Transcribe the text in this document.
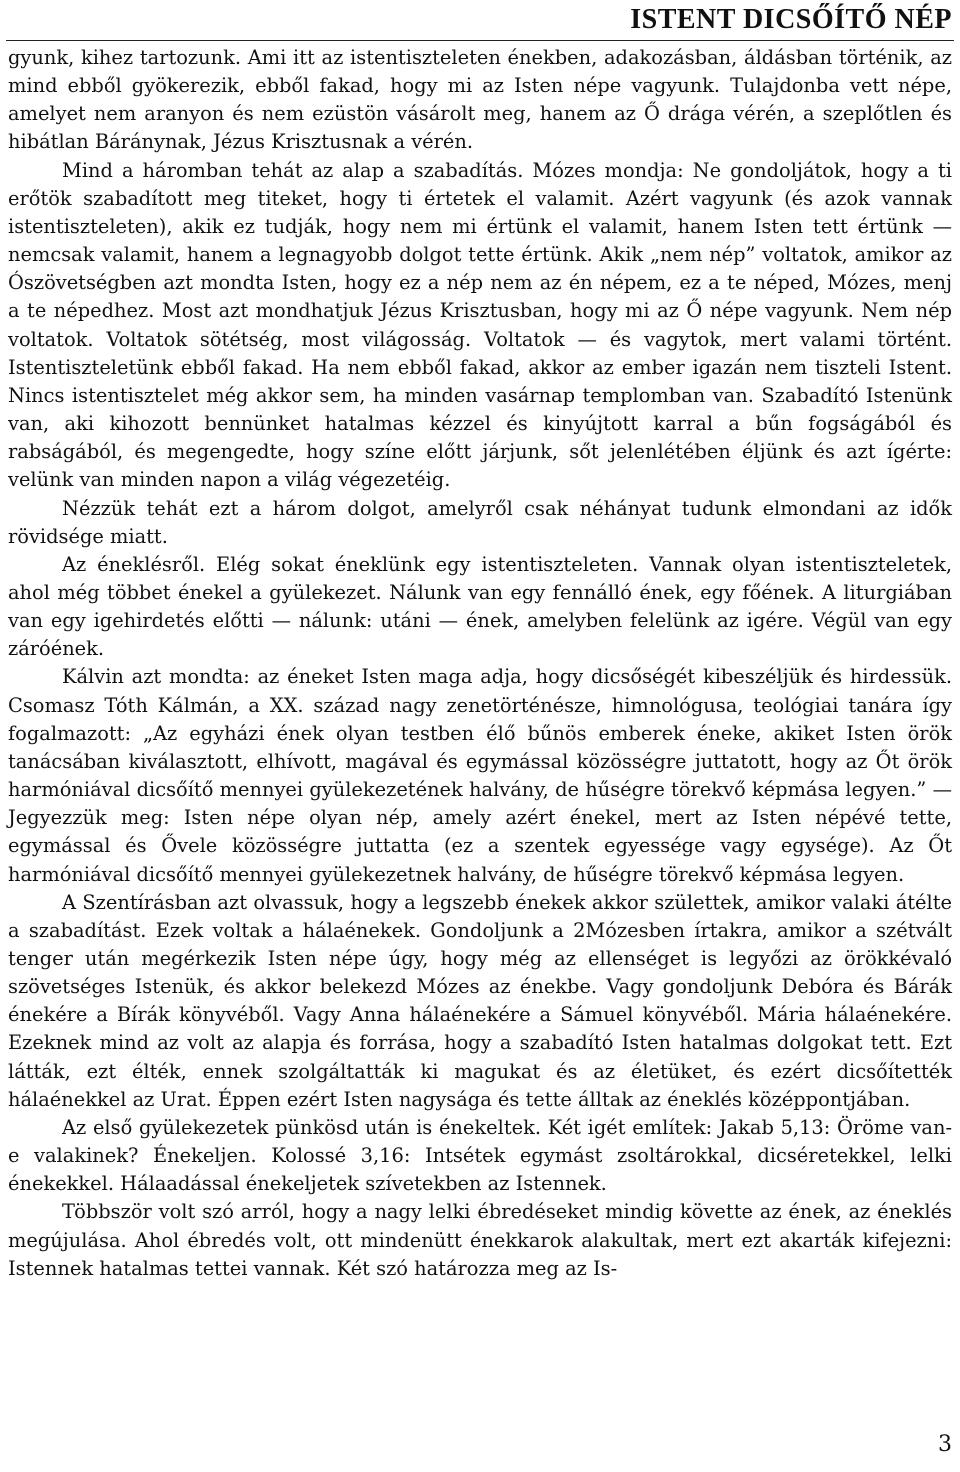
ISTENT DICSŐÍTŐ NÉP

gyunk, kihez tartozunk. Ami itt az istentiszteleten énekben, adakozásban, áldásban történik, az mind ebből gyökerezik, ebből fakad, hogy mi az Isten népe vagyunk. Tulajdonba vett népe, amelyet nem aranyon és nem ezüstön vásárolt meg, hanem az Ő drága vérén, a szeplőtlen és hibátlan Báránynak, Jézus Krisztusnak a vérén.

Mind a háromban tehát az alap a szabadítás. Mózes mondja: Ne gondoljátok, hogy a ti erőtök szabadított meg titeket, hogy ti értetek el valamit. Azért vagyunk (és azok vannak istentiszteleten), akik ez tudják, hogy nem mi értünk el valamit, hanem Isten tett értünk — nemcsak valamit, hanem a legnagyobb dolgot tette értünk. Akik „nem nép” voltatok, amikor az Ószövetségben azt mondta Isten, hogy ez a nép nem az én népem, ez a te néped, Mózes, menj a te népedhez. Most azt mondhatjuk Jézus Krisztusban, hogy mi az Ő népe vagyunk. Nem nép voltatok. Voltatok sötétség, most világosság. Voltatok — és vagytok, mert valami történt. Istentiszteletünk ebből fakad. Ha nem ebből fakad, akkor az ember igazán nem tiszteli Istent. Nincs istentisztelet még akkor sem, ha minden vasárnap templomban van. Szabadító Istenünk van, aki kihozott bennünket hatalmas kézzel és kinyújtott karral a bűn fogságából és rabságából, és megengedte, hogy színe előtt járjunk, sőt jelenlétében éljünk és azt ígérte: velünk van minden napon a világ végezetéig.

Nézzük tehát ezt a három dolgot, amelyről csak néhányat tudunk elmondani az idők rövidsége miatt.

Az éneklésről. Elég sokat éneklünk egy istentiszteleten. Vannak olyan istentiszteletek, ahol még többet énekel a gyülekezet. Nálunk van egy fennálló ének, egy főének. A liturgiában van egy igehirdetés előtti — nálunk: utáni — ének, amelyben felelünk az igére. Végül van egy záróének.

Kálvin azt mondta: az éneket Isten maga adja, hogy dicsőségét kibeszéljük és hirdessük. Csomasz Tóth Kálmán, a XX. század nagy zenetörténésze, himnológusa, teológiai tanára így fogalmazott: „Az egyházi ének olyan testben élő bűnös emberek éneke, akiket Isten örök tanácsában kiválasztott, elhívott, magával és egymással közösségre juttatott, hogy az Őt örök harmóniával dicsőítő mennyei gyülekezetének halvány, de hűségre törekvő képmása legyen.” — Jegyezzük meg: Isten népe olyan nép, amely azért énekel, mert az Isten népévé tette, egymással és Ővele közösségre juttatta (ez a szentek egyessége vagy egysége). Az Őt harmóniával dicsőítő mennyei gyülekezetnek halvány, de hűségre törekvő képmása legyen.

A Szentírásban azt olvassuk, hogy a legszebb énekek akkor születtek, amikor valaki átélte a szabadítást. Ezek voltak a hálaénekek. Gondoljunk a 2Mózesben írtakra, amikor a szétvált tenger után megérkezik Isten népe úgy, hogy még az ellenséget is legyőzi az örökkévaló szövetséges Istenük, és akkor belekezd Mózes az énekbe. Vagy gondoljunk Debóra és Bárák énekére a Bírák könyvéből. Vagy Anna hálaénekére a Sámuel könyvéből. Mária hálaénekére. Ezeknek mind az volt az alapja és forrása, hogy a szabadító Isten hatalmas dolgokat tett. Ezt látták, ezt élték, ennek szolgáltatták ki magukat és az életüket, és ezért dicsőítették hálaénekkel az Urat. Éppen ezért Isten nagysága és tette álltak az éneklés középpontjában.

Az első gyülekezetek pünkösd után is énekeltek. Két igét említek: Jakab 5,13: Öröme van-e valakinek? Énekeljen. Kolossé 3,16: Intsétek egymást zsoltárokkal, dicséretekkel, lelki énekekkel. Hálaadással énekeljetek szívetekben az Istennek.

Többször volt szó arról, hogy a nagy lelki ébredéseket mindig követte az ének, az éneklés megújulása. Ahol ébredés volt, ott mindenütt énekkarok alakultak, mert ezt akarták kifejezni: Istennek hatalmas tettei vannak. Két szó határozza meg az Is-

3
